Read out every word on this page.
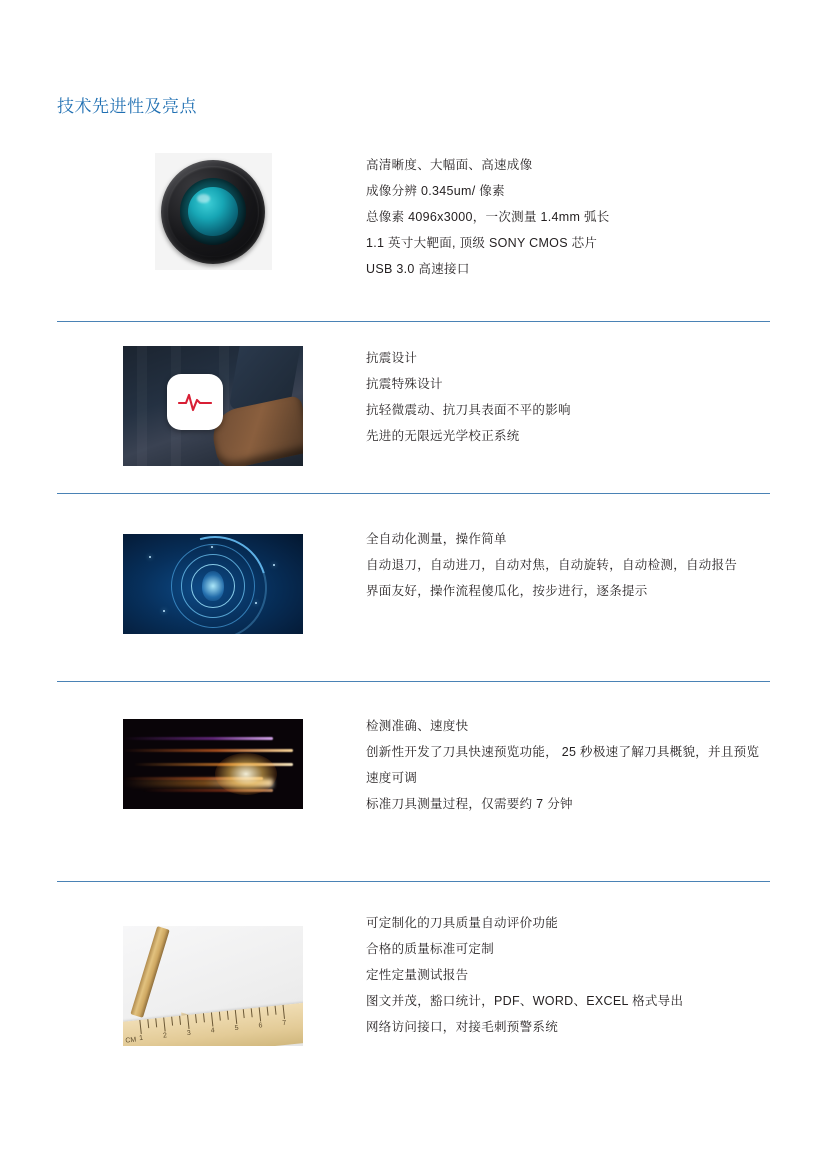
技术先进性及亮点
高清晰度、大幅面、高速成像
成像分辨 0.345um/ 像素
总像素 4096x3000，一次测量 1.4mm 弧长
1.1 英寸大靶面, 顶级 SONY CMOS 芯片
USB 3.0 高速接口
抗震设计
抗震特殊设计
抗轻微震动、抗刀具表面不平的影响
先进的无限远光学校正系统
全自动化测量，操作简单
自动退刀，自动进刀，自动对焦，自动旋转，自动检测，自动报告
界面友好，操作流程傻瓜化，按步进行，逐条提示
检测准确、速度快
创新性开发了刀具快速预览功能， 25 秒极速了解刀具概貌，并且预览速度可调
标准刀具测量过程，仅需要约 7 分钟
CM 1	2	3	4	5	6	7
可定制化的刀具质量自动评价功能
合格的质量标准可定制
定性定量测试报告
图文并茂，豁口统计，PDF、WORD、EXCEL 格式导出
网络访问接口，对接毛刺预警系统
